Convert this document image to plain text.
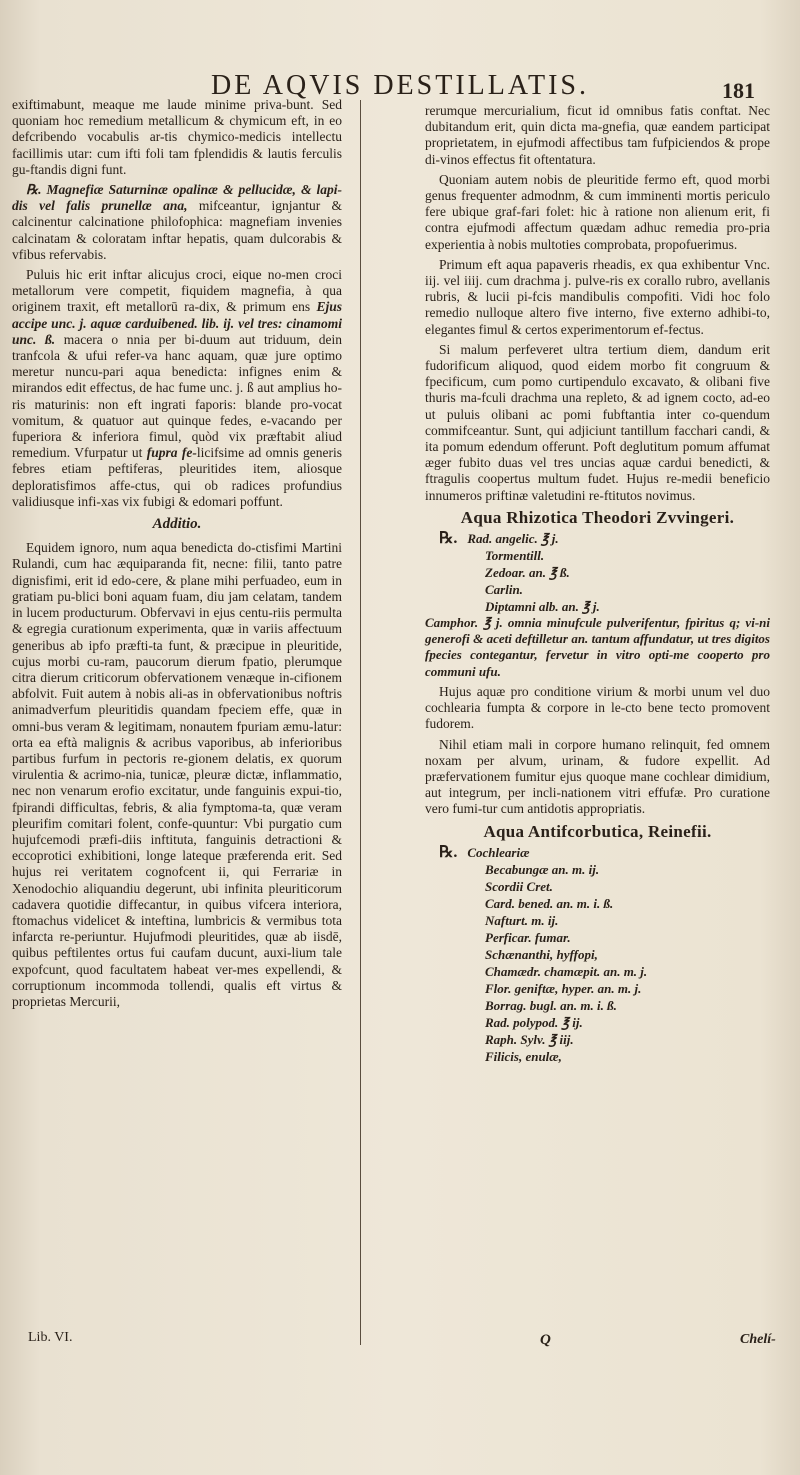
DE AQVIS DESTILLATIS.	181

exiftimabunt, meaque me laude minime priva-bunt. Sed quoniam hoc remedium metallicum & chymicum eft, in eo defcribendo vocabulis ar-tis chymico-medicis intellectu facillimis utar: cum ifti foli tam fplendidis & lautis ferculis gu-ftandis digni funt.

℞. Magnefiæ Saturninæ opalinæ & pellucidæ, & lapi-dis vel falis prunellæ ana, mifceantur, ignjantur & calcinentur calcinatione philofophica: magnefiam invenies calcinatam & coloratam inftar hepatis, quam dulcorabis & vfibus refervabis.

Puluis hic erit inftar alicujus croci, eique no-men croci metallorum vere competit, fiquidem magnefia, à qua originem traxit, eft metallorū ra-dix, & primum ens Ejus accipe unc. j. aquæ carduibened. lib. ij. vel tres: cinamomi unc. ß. macera o nnia per bi-duum aut triduum, dein tranfcola & ufui refer-va hanc aquam, quæ jure optimo meretur nuncu-pari aqua benedicta: infignes enim & mirandos edit effectus, de hac fume unc. j. ß aut amplius ho-ris maturinis: non eft ingrati faporis: blande pro-vocat vomitum, & quatuor aut quinque fedes, e-vacando per fuperiora & inferiora fimul, quòd vix præftabit aliud remedium. Vfurpatur ut fupra fe-licifsime ad omnis generis febres etiam peftiferas, pleuritides item, aliosque deploratisfimos affe-ctus, qui ob radices profundius validiusque infi-xas vix fubigi & edomari poffunt.

Additio.

Equidem ignoro, num aqua benedicta do-ctisfimi Martini Rulandi, cum hac æquiparanda fit, necne: filii, tanto patre dignisfimi, erit id edo-cere, & plane mihi perfuadeo, eum in gratiam pu-blici boni aquam fuam, diu jam celatam, tandem in lucem producturum. Obfervavi in ejus centu-riis permulta & egregia curationum experimenta, quæ in variis affectuum generibus ab ipfo præfti-ta funt, & præcipue in pleuritide, cujus morbi cu-ram, paucorum dierum fpatio, plerumque citra dierum criticorum obfervationem venæque in-cifionem abfolvit. Fuit autem à nobis ali-as in obfervationibus noftris animadverfum pleuritidis quandam fpeciem effe, quæ in omni-bus veram & legitimam, nonautem fpuriam æmu-latur: orta ea eftà malignis & acribus vaporibus, ab inferioribus partibus furfum in pectoris re-gionem delatis, ex quorum virulentia & acrimo-nia, tunicæ, pleuræ dictæ, inflammatio, nec non venarum erofio excitatur, unde fanguinis expui-tio, fpirandi difficultas, febris, & alia fymptoma-ta, quæ veram pleurifim comitari folent, confe-quuntur: Vbi purgatio cum hujufcemodi præfi-diis inftituta, fanguinis detractioni & eccoprotici exhibitioni, longe lateque præferenda erit. Sed hujus rei veritatem cognofcent ii, qui Ferrariæ in Xenodochio aliquandiu degerunt, ubi infinita pleuriticorum cadavera quotidie diffecantur, in quibus vifcera interiora, ftomachus videlicet & inteftina, lumbricis & vermibus tota infarcta re-periuntur. Hujufmodi pleuritides, quæ ab iisdē, quibus peftilentes ortus fui caufam ducunt, auxi-lium tale expofcunt, quod facultatem habeat ver-mes expellendi, & corruptionum incommoda tollendi, qualis eft virtus & proprietas Mercurii,

Lib. VI.

rerumque mercurialium, ficut id omnibus fatis conftat. Nec dubitandum erit, quin dicta ma-gnefia, quæ eandem participat proprietatem, in ejufmodi affectibus tam fufpiciendos & prope di-vinos effectus fit oftentatura.

Quoniam autem nobis de pleuritide fermo eft, quod morbi genus frequenter admodnm, & cum imminenti mortis periculo fere ubique graf-fari folet: hic à ratione non alienum erit, fi contra ejufmodi affectum quædam adhuc remedia pro-pria experientia à nobis multoties comprobata, propofuerimus.

Primum eft aqua papaveris rheadis, ex qua exhibentur Vnc. iij. vel iiij. cum drachma j. pulve-ris ex corallo rubro, avellanis rubris, & lucii pi-fcis mandibulis compofiti. Vidi hoc folo remedio nulloque altero five interno, five externo adhibi-to, elegantes fimul & certos experimentorum ef-fectus.

Si malum perfeveret ultra tertium diem, dandum erit fudorificum aliquod, quod eidem morbo fit congruum & fpecificum, cum pomo curtipendulo excavato, & olibani five thuris ma-fculi drachma una repleto, & ad ignem cocto, ad-eo ut puluis olibani ac pomi fubftantia inter co-quendum commifceantur. Sunt, qui adjiciunt tantillum facchari candi, & ita pomum edendum offerunt. Poft deglutitum pomum affumat æger fubito duas vel tres uncias aquæ cardui benedicti, & ftragulis coopertus multum fudet. Hujus re-medii beneficio innumeros priftinæ valetudini re-ftitutos novimus.

Aqua Rhizotica Theodori Zvvingeri.

℞. Rad. angelic. ℥ j.

Tormentill.

Zedoar. an. ℥ ß.

Carlin.

Diptamni alb. an. ℥ j.

Camphor. ℥ j. omnia minufcule pulverifentur, fpiritus q; vi-ni generofi & aceti deftilletur an. tantum affundatur, ut tres digitos fpecies contegantur, fervetur in vitro opti-me cooperto pro communi ufu.

Hujus aquæ pro conditione virium & morbi unum vel duo cochlearia fumpta & corpore in le-cto bene tecto promovent fudorem.

Nihil etiam mali in corpore humano relinquit, fed omnem noxam per alvum, urinam, & fudore expellit. Ad præfervationem fumitur ejus quoque mane cochlear dimidium, aut integrum, per incli-nationem vitri effufæ. Pro curatione vero fumi-tur cum antidotis appropriatis.

Aqua Antifcorbutica, Reinefii.

℞. Cochleariæ

Becabungæ an. m. ij.

Scordii Cret.

Card. bened. an. m. i. ß.

Nafturt. m. ij.

Perficar. fumar.

Schænanthi, hyffopi,

Chamædr. chamæpit. an. m. j.

Flor. geniftæ, hyper. an. m. j.

Borrag. bugl. an. m. i. ß.

Rad. polypod. ℥ ij.

Raph. Sylv. ℥ iij.

Filicis, enulæ,

Q	Chelí-
